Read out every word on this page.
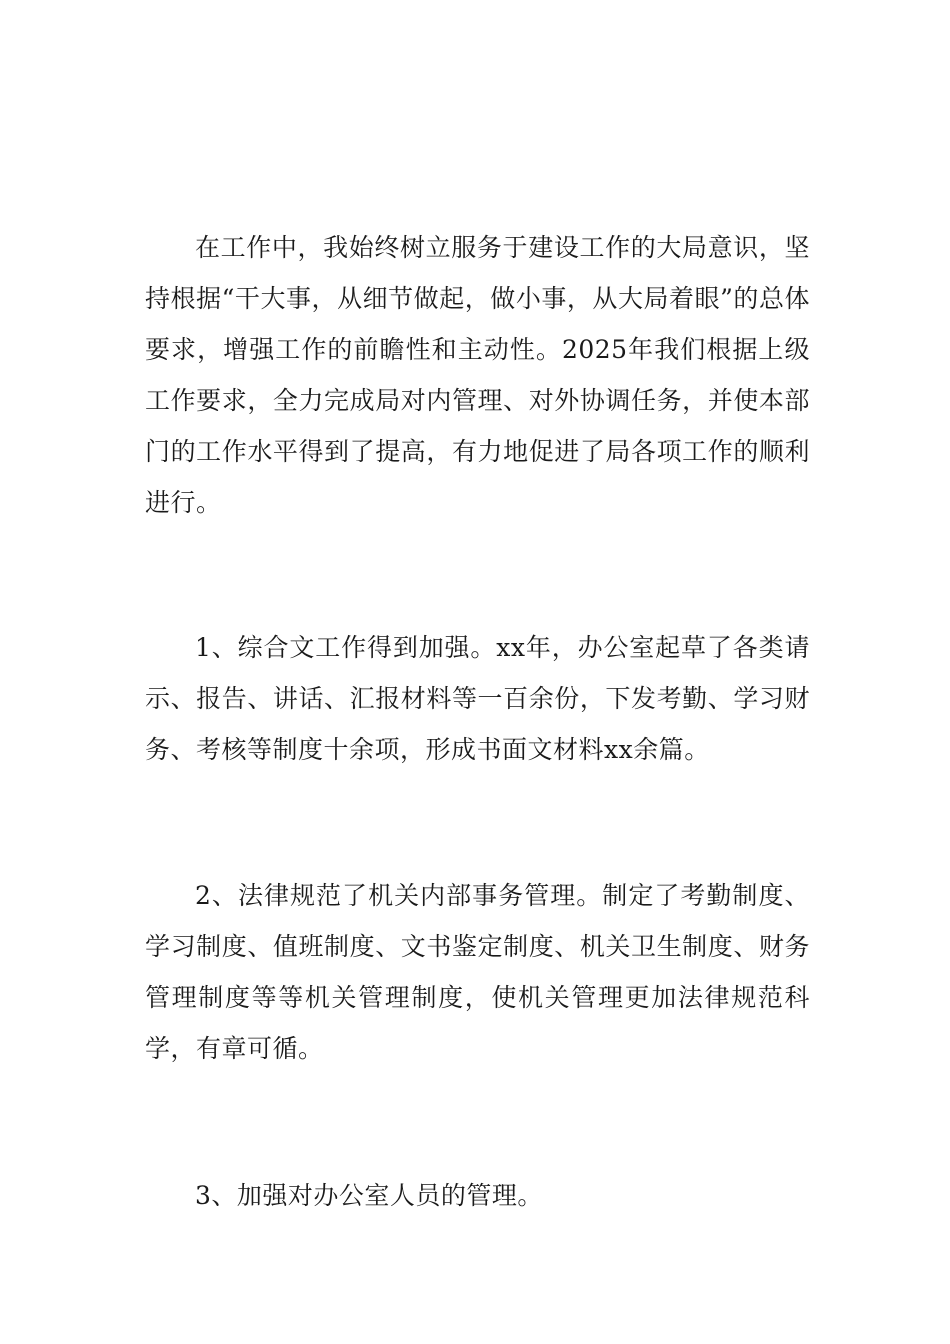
在工作中，我始终树立服务于建设工作的大局意识，坚持根据“干大事，从细节做起，做小事，从大局着眼”的总体要求，增强工作的前瞻性和主动性。2025年我们根据上级工作要求，全力完成局对内管理、对外协调任务，并使本部门的工作水平得到了提高，有力地促进了局各项工作的顺利进行。

1、综合文工作得到加强。xx年，办公室起草了各类请示、报告、讲话、汇报材料等一百余份，下发考勤、学习财务、考核等制度十余项，形成书面文材料xx余篇。

2、法律规范了机关内部事务管理。制定了考勤制度、学习制度、值班制度、文书鉴定制度、机关卫生制度、财务管理制度等等机关管理制度，使机关管理更加法律规范科学，有章可循。

3、加强对办公室人员的管理。
